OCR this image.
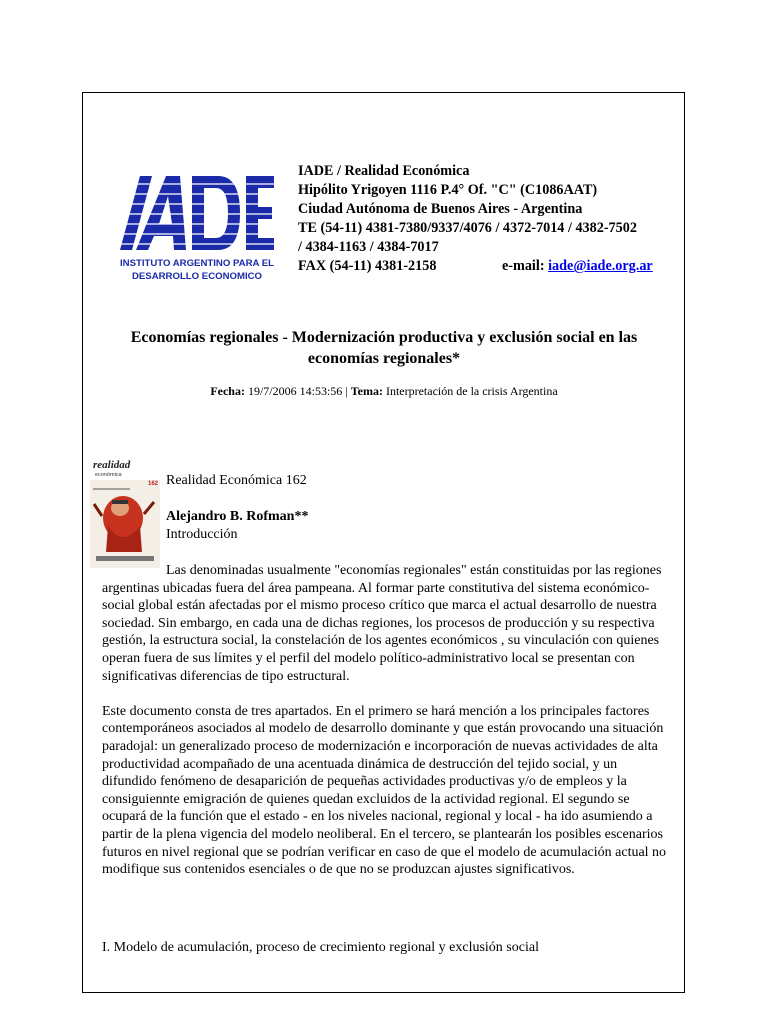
INSTITUTO ARGENTINO PARA EL
DESARROLLO ECONOMICO
IADE / Realidad Económica
Hipólito Yrigoyen 1116 P.4° Of. "C" (C1086AAT)
Ciudad Autónoma de Buenos Aires - Argentina
TE (54-11) 4381-7380/9337/4076 / 4372-7014 / 4382-7502
/ 4384-1163 / 4384-7017
FAX (54-11) 4381-2158	e-mail: iade@iade.org.ar
Economías regionales - Modernización productiva y exclusión social en las economías regionales*
Fecha: 19/7/2006 14:53:56 | Tema: Interpretación de la crisis Argentina
realidad
económica
162 Realidad Económica 162
Alejandro B. Rofman**
Introducción

Las denominadas usualmente "economías regionales" están constituidas por las regiones argentinas ubicadas fuera del área pampeana. Al formar parte constitutiva del sistema económico-social global están afectadas por el mismo proceso crítico que marca el actual desarrollo de nuestra sociedad. Sin embargo, en cada una de dichas regiones, los procesos de producción y su respectiva gestión, la estructura social, la constelación de los agentes económicos , su vinculación con quienes operan fuera de sus límites y el perfil del modelo político-administrativo local se presentan con significativas diferencias de tipo estructural.

Este documento consta de tres apartados. En el primero se hará mención a los principales factores contemporáneos asociados al modelo de desarrollo dominante y que están provocando una situación paradojal: un generalizado proceso de modernización e incorporación de nuevas actividades de alta productividad acompañado de una acentuada dinámica de destrucción del tejido social, y un difundido fenómeno de desaparición de pequeñas actividades productivas y/o de empleos y la consiguiennte emigración de quienes quedan excluidos de la actividad regional. El segundo se ocupará de la función que el estado - en los niveles nacional, regional y local - ha ido asumiendo a partir de la plena vigencia del modelo neoliberal. En el tercero, se plantearán los posibles escenarios futuros en nivel regional que se podrían verificar en caso de que el modelo de acumulación actual no modifique sus contenidos esenciales o de que no se produzcan ajustes significativos.

I. Modelo de acumulación, proceso de crecimiento regional y exclusión social
